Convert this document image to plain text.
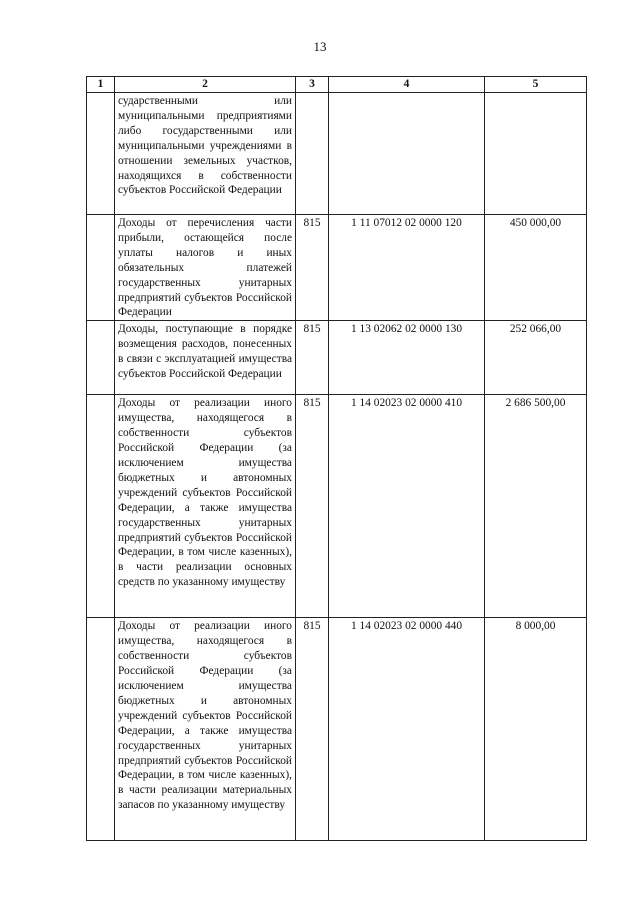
13
1	2	3	4	5
	сударственными или муниципальными предприятиями либо государственными или муниципальными учреждениями в отношении земельных участков, находящихся в собственности субъектов Российской Федерации			
	Доходы от перечисления части прибыли, остающейся после уплаты налогов и иных обязательных платежей государственных унитарных предприятий субъектов Российской Федерации	815	1 11 07012 02 0000 120	450 000,00
	Доходы, поступающие в порядке возмещения расходов, понесенных в связи с эксплуатацией имущества субъектов Российской Федерации	815	1 13 02062 02 0000 130	252 066,00
	Доходы от реализации иного имущества, находящегося в собственности субъектов Российской Федерации (за исключением имущества бюджетных и автономных учреждений субъектов Российской Федерации, а также имущества государственных унитарных предприятий субъектов Российской Федерации, в том числе казенных), в части реализации основных средств по указанному имуществу	815	1 14 02023 02 0000 410	2 686 500,00
	Доходы от реализации иного имущества, находящегося в собственности субъектов Российской Федерации (за исключением имущества бюджетных и автономных учреждений субъектов Российской Федерации, а также имущества государственных унитарных предприятий субъектов Российской Федерации, в том числе казенных), в части реализации материальных запасов по указанному имуществу	815	1 14 02023 02 0000 440	8 000,00
